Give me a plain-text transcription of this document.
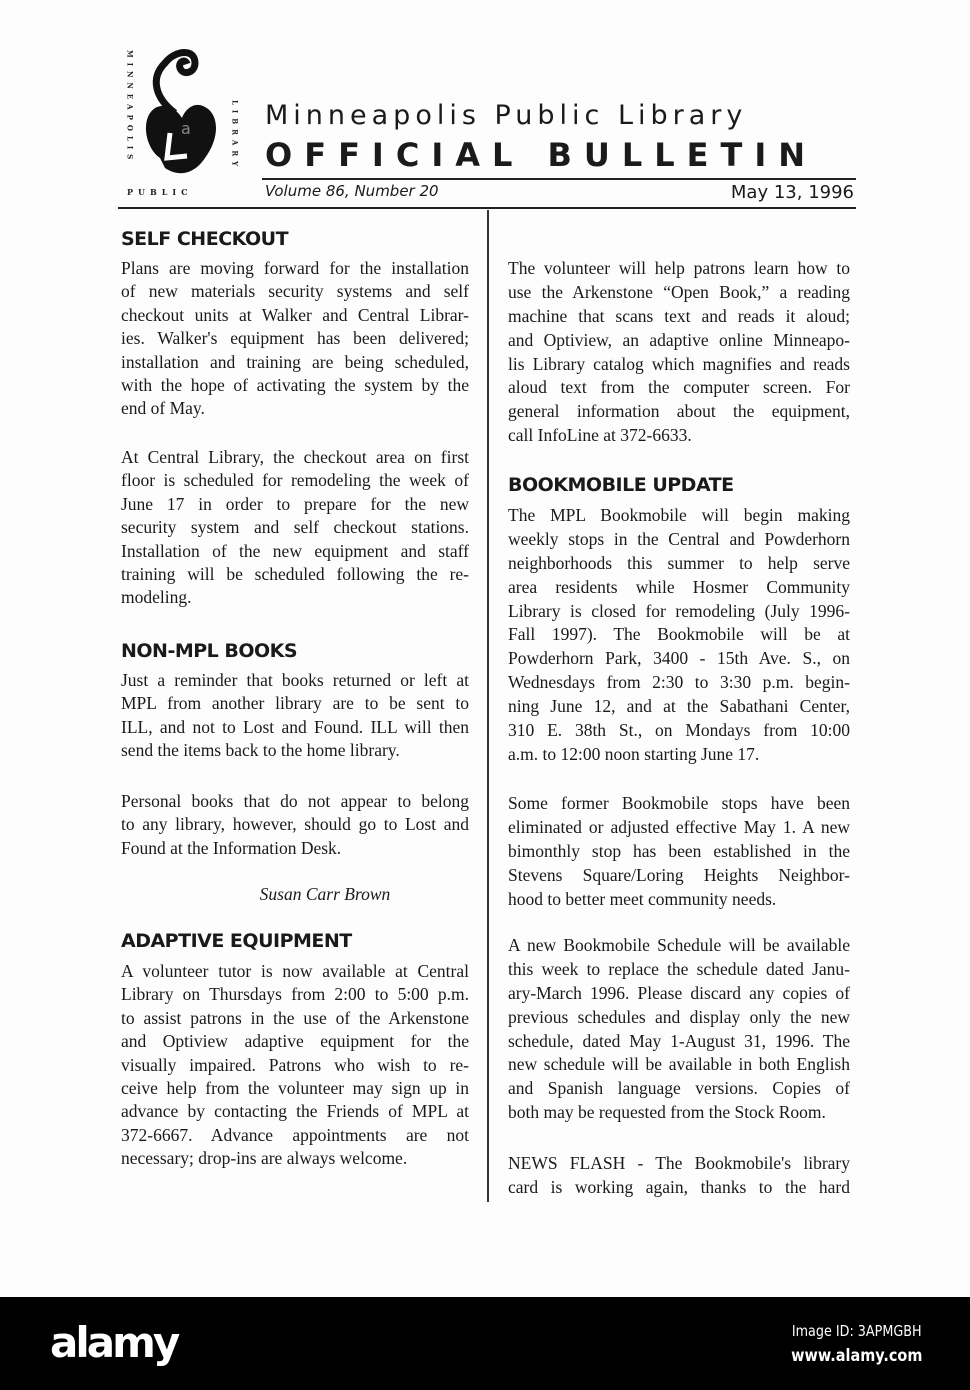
MINNEAPOLIS
PUBLIC
LIBRARY
a	Minneapolis Public Library
OFFICIAL BULLETIN
Volume 86, Number 20	May 13, 1996
SELF CHECKOUT
Plans are moving forward for the installation
of new materials security systems and self
checkout units at Walker and Central Librar-
ies. Walker's equipment has been delivered;
installation and training are being scheduled,
with the hope of activating the system by the
end of May.
At Central Library, the checkout area on first
floor is scheduled for remodeling the week of
June 17 in order to prepare for the new
security system and self checkout stations.
Installation of the new equipment and staff
training will be scheduled following the re-
modeling.
NON-MPL BOOKS
Just a reminder that books returned or left at
MPL from another library are to be sent to
ILL, and not to Lost and Found. ILL will then
send the items back to the home library.
Personal books that do not appear to belong
to any library, however, should go to Lost and
Found at the Information Desk.
Susan Carr Brown
ADAPTIVE EQUIPMENT
A volunteer tutor is now available at Central
Library on Thursdays from 2:00 to 5:00 p.m.
to assist patrons in the use of the Arkenstone
and Optiview adaptive equipment for the
visually impaired. Patrons who wish to re-
ceive help from the volunteer may sign up in
advance by contacting the Friends of MPL at
372-6667. Advance appointments are not
necessary; drop-ins are always welcome.
The volunteer will help patrons learn how to
use the Arkenstone “Open Book,” a reading
machine that scans text and reads it aloud;
and Optiview, an adaptive online Minneapo-
lis Library catalog which magnifies and reads
aloud text from the computer screen. For
general information about the equipment,
call InfoLine at 372-6633.
BOOKMOBILE UPDATE
The MPL Bookmobile will begin making
weekly stops in the Central and Powderhorn
neighborhoods this summer to help serve
area residents while Hosmer Community
Library is closed for remodeling (July 1996-
Fall 1997). The Bookmobile will be at
Powderhorn Park, 3400 - 15th Ave. S., on
Wednesdays from 2:30 to 3:30 p.m. begin-
ning June 12, and at the Sabathani Center,
310 E. 38th St., on Mondays from 10:00
a.m. to 12:00 noon starting June 17.
Some former Bookmobile stops have been
eliminated or adjusted effective May 1. A new
bimonthly stop has been established in the
Stevens Square/Loring Heights Neighbor-
hood to better meet community needs.
A new Bookmobile Schedule will be available
this week to replace the schedule dated Janu-
ary-March 1996. Please discard any copies of
previous schedules and display only the new
schedule, dated May 1-August 31, 1996. The
new schedule will be available in both English
and Spanish language versions. Copies of
both may be requested from the Stock Room.
NEWS FLASH - The Bookmobile's library
card is working again, thanks to the hard
alamy	Image ID: 3APMGBH
www.alamy.com
